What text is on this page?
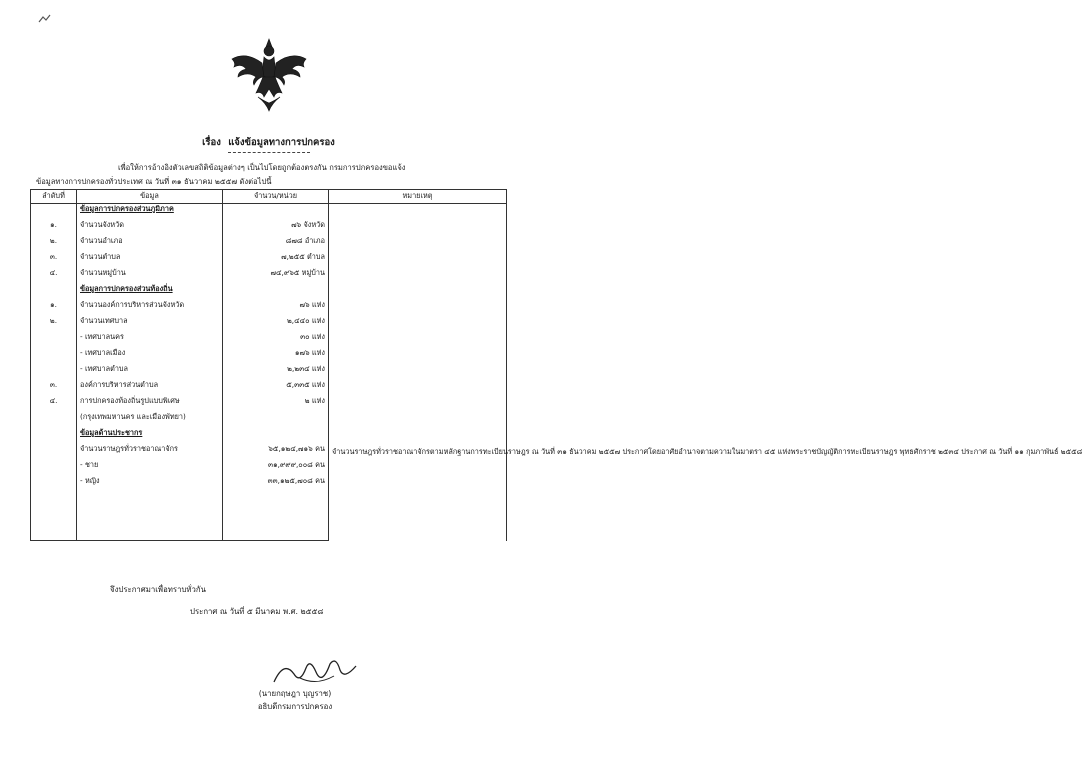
เรื่อง แจ้งข้อมูลทางการปกครอง
เพื่อให้การอ้างอิงตัวเลขสถิติข้อมูลต่างๆ เป็นไปโดยถูกต้องตรงกัน กรมการปกครองขอแจ้ง
ข้อมูลทางการปกครองทั่วประเทศ ณ วันที่ ๓๑ ธันวาคม ๒๕๕๗ ดังต่อไปนี้
ลำดับที่	ข้อมูล	จำนวน/หน่วย	หมายเหตุ
	ข้อมูลการปกครองส่วนภูมิภาค		
๑.	จำนวนจังหวัด	๗๖ จังหวัด	
๒.	จำนวนอำเภอ	๘๗๘ อำเภอ	
๓.	จำนวนตำบล	๗,๒๕๕ ตำบล	
๔.	จำนวนหมู่บ้าน	๗๔,๙๖๕ หมู่บ้าน	
	ข้อมูลการปกครองส่วนท้องถิ่น		
๑.	จำนวนองค์การบริหารส่วนจังหวัด	๗๖ แห่ง	
๒.	จำนวนเทศบาล	๒,๔๔๐ แห่ง	
	- เทศบาลนคร	๓๐ แห่ง	
	- เทศบาลเมือง	๑๗๖ แห่ง	
	- เทศบาลตำบล	๒,๒๓๔ แห่ง	
๓.	องค์การบริหารส่วนตำบล	๕,๓๓๕ แห่ง	
๔.	การปกครองท้องถิ่นรูปแบบพิเศษ	๒ แห่ง	
	(กรุงเทพมหานคร และเมืองพัทยา)		
	ข้อมูลด้านประชากร		
	จำนวนราษฎรทั่วราชอาณาจักร	๖๕,๑๒๔,๗๑๖ คน	จำนวนราษฎรทั่วราชอาณาจักรตามหลักฐานการทะเบียนราษฎร ณ วันที่ ๓๑ ธันวาคม ๒๕๕๗ ประกาศโดยอาศัยอำนาจตามความในมาตรา ๔๕ แห่งพระราชบัญญัติการทะเบียนราษฎร พุทธศักราช ๒๕๓๔ ประกาศ ณ วันที่ ๑๑ กุมภาพันธ์ ๒๕๕๘
	- ชาย	๓๑,๙๙๙,๐๐๘ คน	
	- หญิง	๓๓,๑๒๕,๗๐๘ คน	

จึงประกาศมาเพื่อทราบทั่วกัน
ประกาศ ณ วันที่ ๕ มีนาคม พ.ศ. ๒๕๕๘
(นายกฤษฎา บุญราช)
อธิบดีกรมการปกครอง
